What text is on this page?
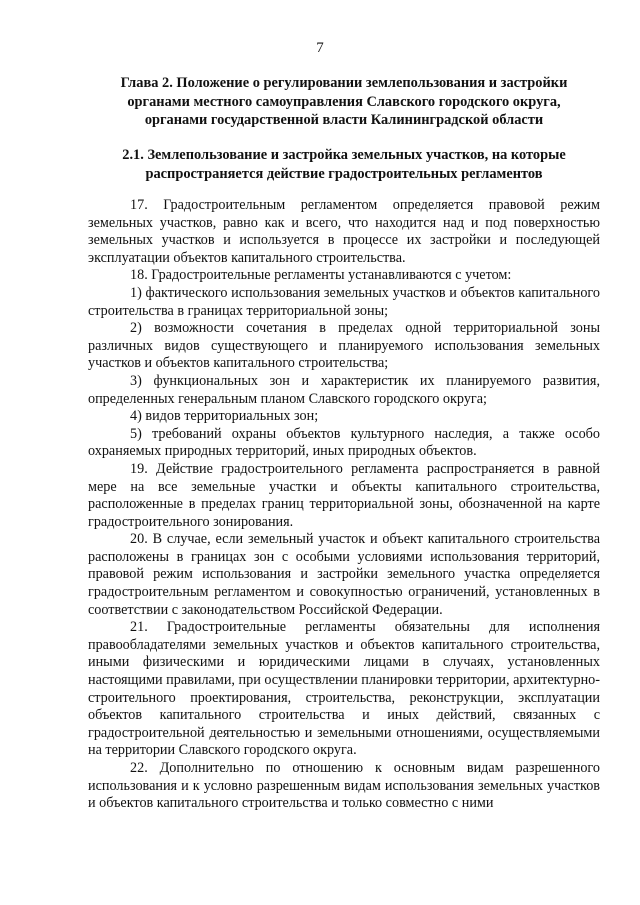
7
Глава 2. Положение о регулировании землепользования и застройки
органами местного самоуправления Славского городского округа,
органами государственной власти Калининградской области
2.1. Землепользование и застройка земельных участков, на которые
распространяется действие градостроительных регламентов

17. Градостроительным регламентом определяется правовой режим земельных участков, равно как и всего, что находится над и под поверхностью земельных участков и используется в процессе их застройки и последующей эксплуатации объектов капитального строительства.

18. Градостроительные регламенты устанавливаются с учетом:

1) фактического использования земельных участков и объектов капитального строительства в границах территориальной зоны;

2) возможности сочетания в пределах одной территориальной зоны различных видов существующего и планируемого использования земельных участков и объектов капитального строительства;

3) функциональных зон и характеристик их планируемого развития, определенных генеральным планом Славского городского округа;

4) видов территориальных зон;

5) требований охраны объектов культурного наследия, а также особо охраняемых природных территорий, иных природных объектов.

19. Действие градостроительного регламента распространяется в равной мере на все земельные участки и объекты капитального строительства, расположенные в пределах границ территориальной зоны, обозначенной на карте градостроительного зонирования.

20. В случае, если земельный участок и объект капитального строительства расположены в границах зон с особыми условиями использования территорий, правовой режим использования и застройки земельного участка определяется градостроительным регламентом и совокупностью ограничений, установленных в соответствии с законодательством Российской Федерации.

21. Градостроительные регламенты обязательны для исполнения правообладателями земельных участков и объектов капитального строительства, иными физическими и юридическими лицами в случаях, установленных настоящими правилами, при осуществлении планировки территории, архитектурно-строительного проектирования, строительства, реконструкции, эксплуатации объектов капитального строительства и иных действий, связанных с градостроительной деятельностью и земельными отношениями, осуществляемыми на территории Славского городского округа.

22. Дополнительно по отношению к основным видам разрешенного использования и к условно разрешенным видам использования земельных участков и объектов капитального строительства и только совместно с ними
